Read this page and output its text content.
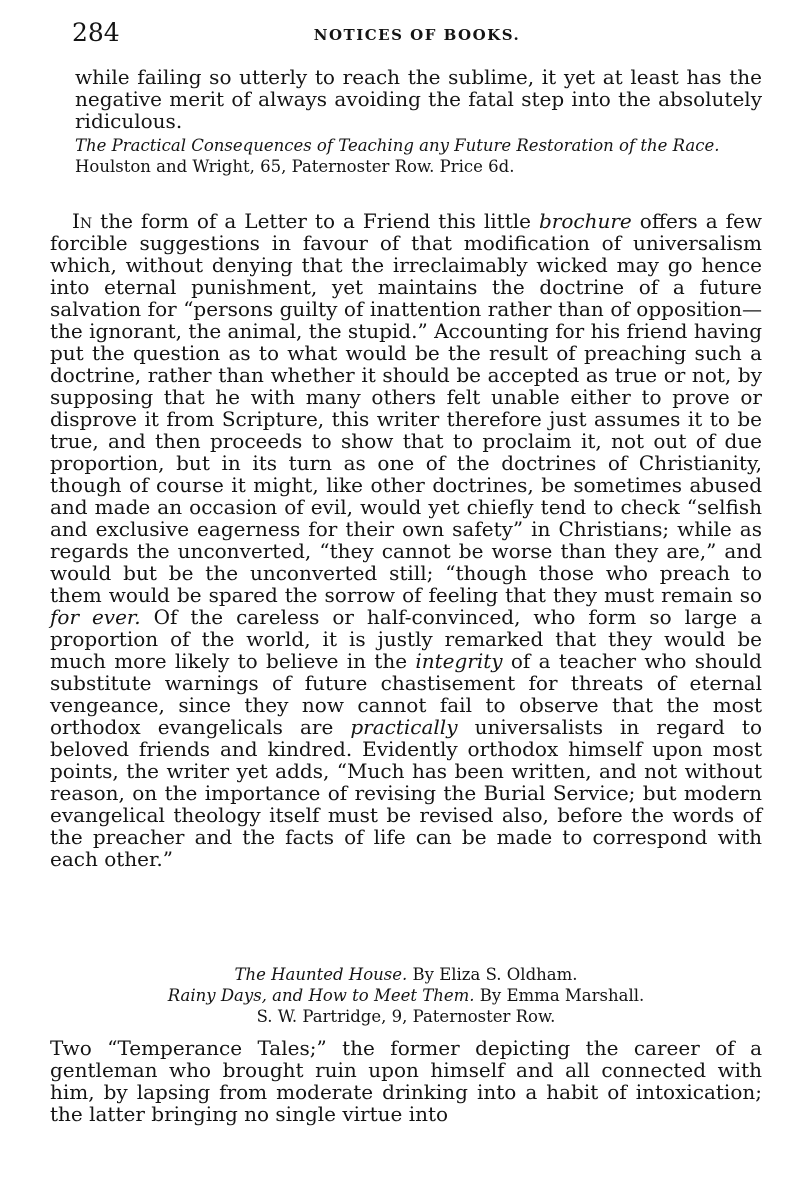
284	NOTICES OF BOOKS.

while failing so utterly to reach the sublime, it yet at least has the negative merit of always avoiding the fatal step into the absolutely ridiculous.

The Practical Consequences of Teaching any Future Restoration of the Race. Houlston and Wright, 65, Paternoster Row. Price 6d.

In the form of a Letter to a Friend this little brochure offers a few forcible suggestions in favour of that modification of universalism which, without denying that the irreclaimably wicked may go hence into eternal punishment, yet maintains the doctrine of a future salvation for “persons guilty of inattention rather than of opposition—the ignorant, the animal, the stupid.” Accounting for his friend having put the question as to what would be the result of preaching such a doctrine, rather than whether it should be accepted as true or not, by supposing that he with many others felt unable either to prove or disprove it from Scripture, this writer therefore just assumes it to be true, and then proceeds to show that to proclaim it, not out of due proportion, but in its turn as one of the doctrines of Christianity, though of course it might, like other doctrines, be sometimes abused and made an occasion of evil, would yet chiefly tend to check “selfish and exclusive eagerness for their own safety” in Christians; while as regards the unconverted, “they cannot be worse than they are,” and would but be the unconverted still; “though those who preach to them would be spared the sorrow of feeling that they must remain so for ever. Of the careless or half-convinced, who form so large a proportion of the world, it is justly remarked that they would be much more likely to believe in the integrity of a teacher who should substitute warnings of future chastisement for threats of eternal vengeance, since they now cannot fail to observe that the most orthodox evangelicals are practically universalists in regard to beloved friends and kindred. Evidently orthodox himself upon most points, the writer yet adds, “Much has been written, and not without reason, on the importance of revising the Burial Service; but modern evangelical theology itself must be revised also, before the words of the preacher and the facts of life can be made to correspond with each other.”

The Haunted House. By Eliza S. Oldham.
Rainy Days, and How to Meet Them. By Emma Marshall.
S. W. Partridge, 9, Paternoster Row.

Two “Temperance Tales;” the former depicting the career of a gentleman who brought ruin upon himself and all connected with him, by lapsing from moderate drinking into a habit of intoxication; the latter bringing no single virtue into
